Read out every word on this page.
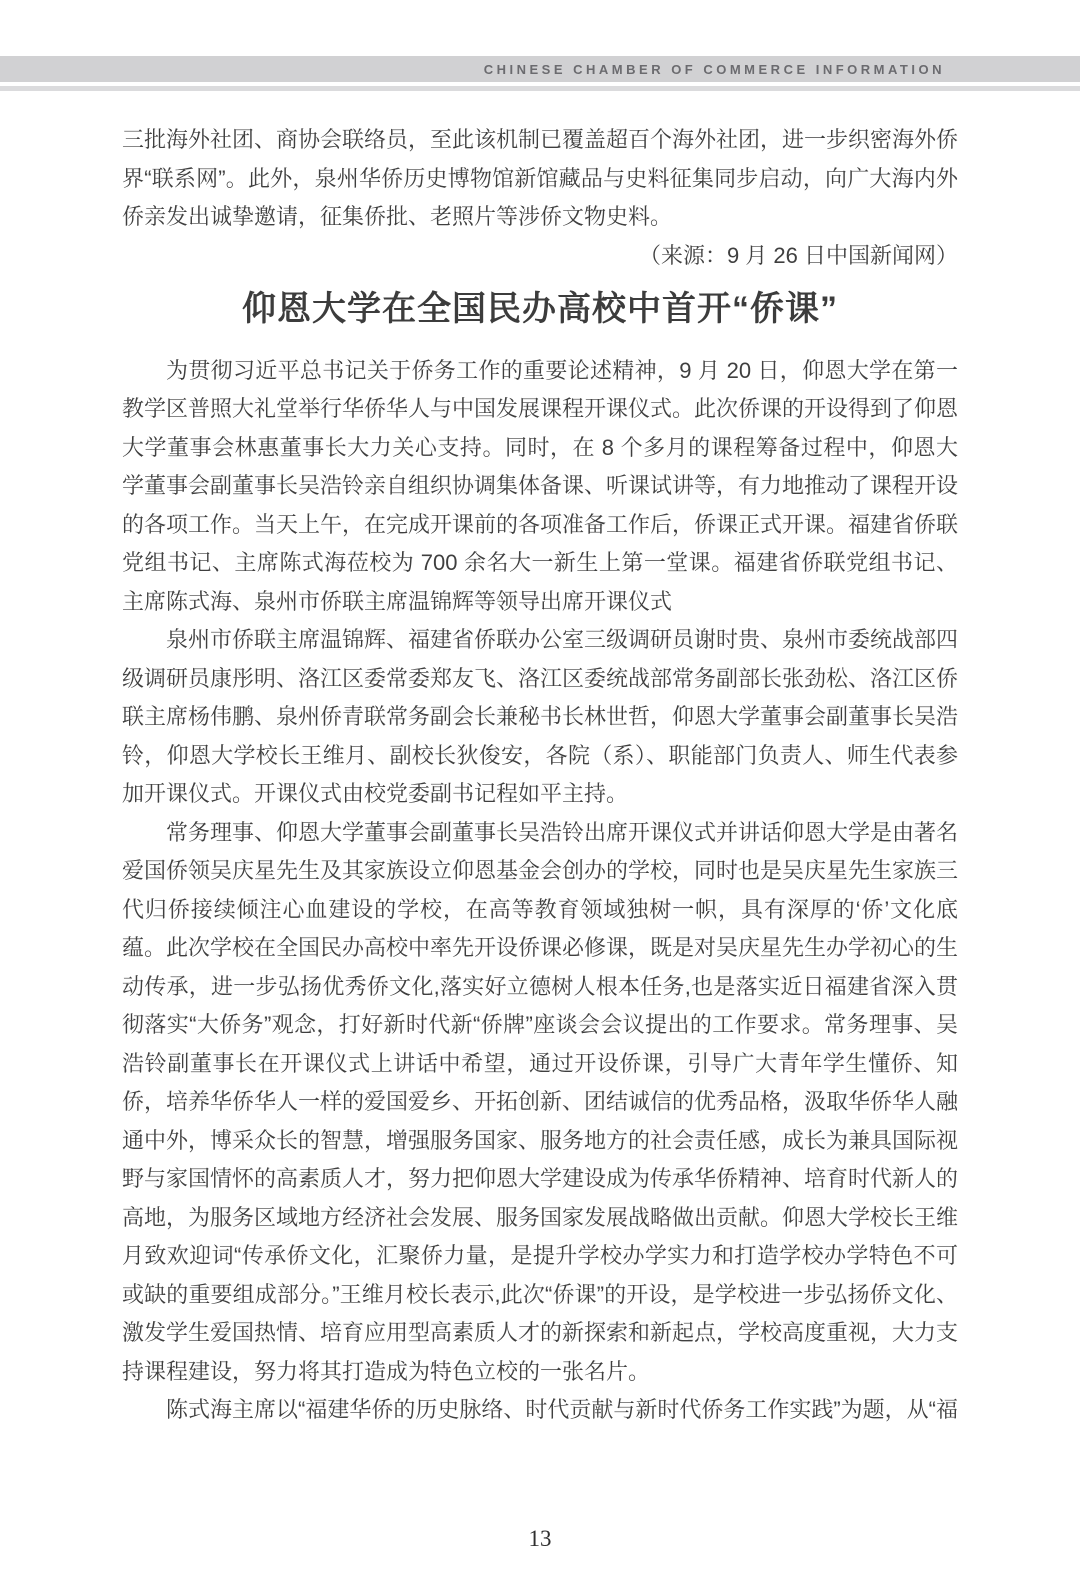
CHINESE CHAMBER OF COMMERCE INFORMATION

三批海外社团、商协会联络员，至此该机制已覆盖超百个海外社团，进一步织密海外侨界“联系网”。此外，泉州华侨历史博物馆新馆藏品与史料征集同步启动，向广大海内外侨亲发出诚挚邀请，征集侨批、老照片等涉侨文物史料。
（来源：9 月 26 日中国新闻网）

仰恩大学在全国民办高校中首开“侨课”

为贯彻习近平总书记关于侨务工作的重要论述精神，9 月 20 日，仰恩大学在第一教学区普照大礼堂举行华侨华人与中国发展课程开课仪式。此次侨课的开设得到了仰恩大学董事会林惠董事长大力关心支持。同时，在 8 个多月的课程筹备过程中，仰恩大学董事会副董事长吴浩铃亲自组织协调集体备课、听课试讲等，有力地推动了课程开设的各项工作。当天上午，在完成开课前的各项准备工作后，侨课正式开课。福建省侨联党组书记、主席陈式海莅校为 700 余名大一新生上第一堂课。福建省侨联党组书记、主席陈式海、泉州市侨联主席温锦辉等领导出席开课仪式

泉州市侨联主席温锦辉、福建省侨联办公室三级调研员谢时贵、泉州市委统战部四级调研员康彤明、洛江区委常委郑友飞、洛江区委统战部常务副部长张劲松、洛江区侨联主席杨伟鹏、泉州侨青联常务副会长兼秘书长林世哲，仰恩大学董事会副董事长吴浩铃，仰恩大学校长王维月、副校长狄俊安，各院（系）、职能部门负责人、师生代表参加开课仪式。开课仪式由校党委副书记程如平主持。

常务理事、仰恩大学董事会副董事长吴浩铃出席开课仪式并讲话仰恩大学是由著名爱国侨领吴庆星先生及其家族设立仰恩基金会创办的学校，同时也是吴庆星先生家族三代归侨接续倾注心血建设的学校，在高等教育领域独树一帜，具有深厚的‘侨’文化底蕴。此次学校在全国民办高校中率先开设侨课必修课，既是对吴庆星先生办学初心的生动传承，进一步弘扬优秀侨文化,落实好立德树人根本任务,也是落实近日福建省深入贯彻落实“大侨务”观念，打好新时代新“侨牌”座谈会会议提出的工作要求。常务理事、吴浩铃副董事长在开课仪式上讲话中希望，通过开设侨课，引导广大青年学生懂侨、知侨，培养华侨华人一样的爱国爱乡、开拓创新、团结诚信的优秀品格，汲取华侨华人融通中外，博采众长的智慧，增强服务国家、服务地方的社会责任感，成长为兼具国际视野与家国情怀的高素质人才，努力把仰恩大学建设成为传承华侨精神、培育时代新人的高地，为服务区域地方经济社会发展、服务国家发展战略做出贡献。仰恩大学校长王维月致欢迎词“传承侨文化，汇聚侨力量，是提升学校办学实力和打造学校办学特色不可或缺的重要组成部分。”王维月校长表示,此次“侨课”的开设，是学校进一步弘扬侨文化、激发学生爱国热情、培育应用型高素质人才的新探索和新起点，学校高度重视，大力支持课程建设，努力将其打造成为特色立校的一张名片。

陈式海主席以“福建华侨的历史脉络、时代贡献与新时代侨务工作实践”为题，从“福

13
